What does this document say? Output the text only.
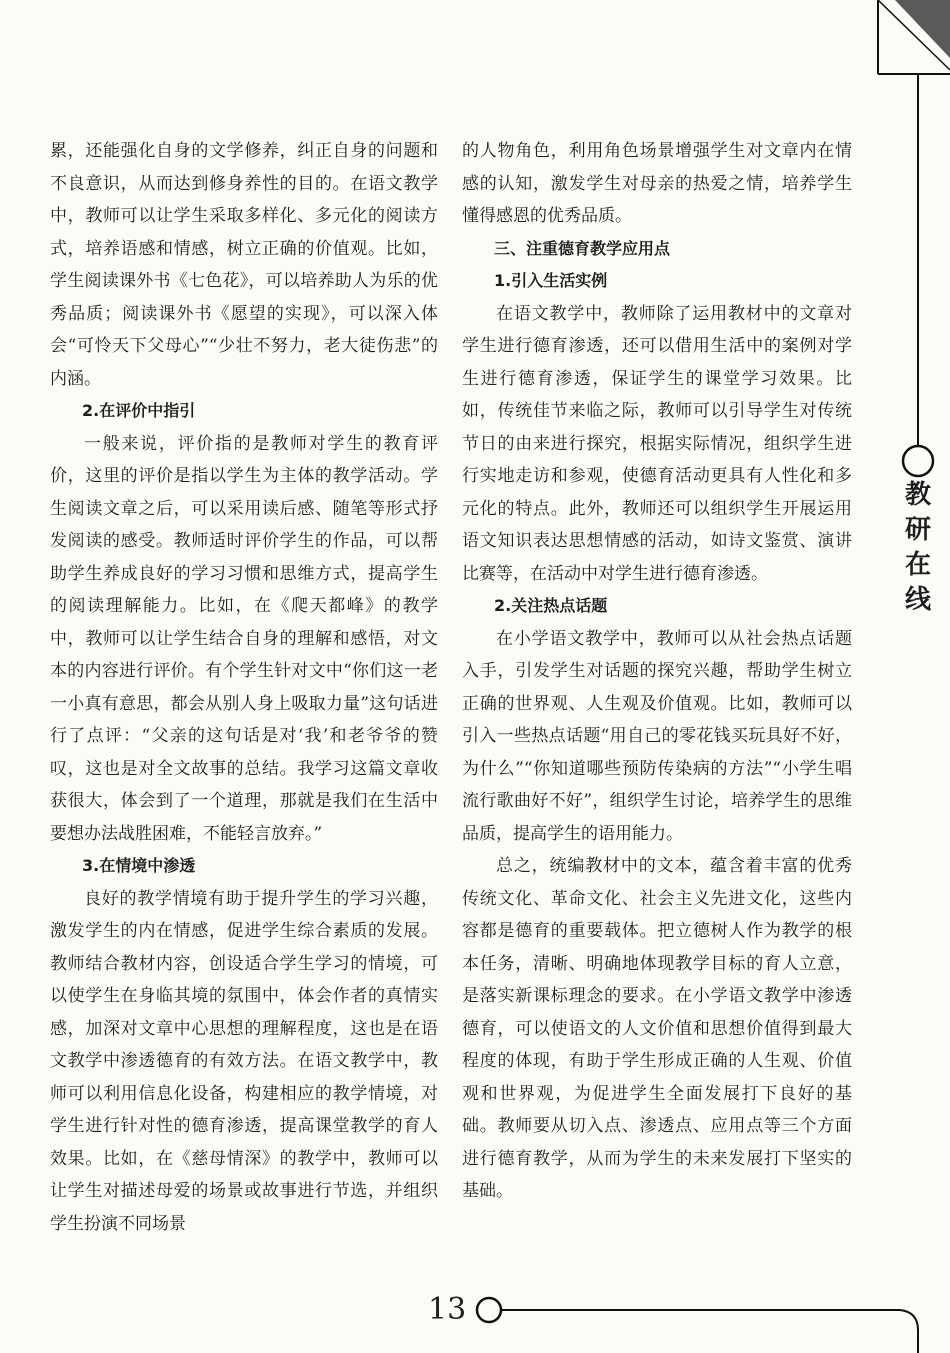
教
研
在
线

累，还能强化自身的文学修养，纠正自身的问题和不良意识，从而达到修身养性的目的。在语文教学中，教师可以让学生采取多样化、多元化的阅读方式，培养语感和情感，树立正确的价值观。比如，学生阅读课外书《七色花》，可以培养助人为乐的优秀品质；阅读课外书《愿望的实现》，可以深入体会“可怜天下父母心”“少壮不努力，老大徒伤悲”的内涵。

2.在评价中指引

一般来说，评价指的是教师对学生的教育评价，这里的评价是指以学生为主体的教学活动。学生阅读文章之后，可以采用读后感、随笔等形式抒发阅读的感受。教师适时评价学生的作品，可以帮助学生养成良好的学习习惯和思维方式，提高学生的阅读理解能力。比如，在《爬天都峰》的教学中，教师可以让学生结合自身的理解和感悟，对文本的内容进行评价。有个学生针对文中“你们这一老一小真有意思，都会从别人身上吸取力量”这句话进行了点评：“父亲的这句话是对‘我’和老爷爷的赞叹，这也是对全文故事的总结。我学习这篇文章收获很大，体会到了一个道理，那就是我们在生活中要想办法战胜困难，不能轻言放弃。”

3.在情境中渗透

良好的教学情境有助于提升学生的学习兴趣，激发学生的内在情感，促进学生综合素质的发展。教师结合教材内容，创设适合学生学习的情境，可以使学生在身临其境的氛围中，体会作者的真情实感，加深对文章中心思想的理解程度，这也是在语文教学中渗透德育的有效方法。在语文教学中，教师可以利用信息化设备，构建相应的教学情境，对学生进行针对性的德育渗透，提高课堂教学的育人效果。比如，在《慈母情深》的教学中，教师可以让学生对描述母爱的场景或故事进行节选，并组织学生扮演不同场景

的人物角色，利用角色场景增强学生对文章内在情感的认知，激发学生对母亲的热爱之情，培养学生懂得感恩的优秀品质。

三、注重德育教学应用点
1.引入生活实例

在语文教学中，教师除了运用教材中的文章对学生进行德育渗透，还可以借用生活中的案例对学生进行德育渗透，保证学生的课堂学习效果。比如，传统佳节来临之际，教师可以引导学生对传统节日的由来进行探究，根据实际情况，组织学生进行实地走访和参观，使德育活动更具有人性化和多元化的特点。此外，教师还可以组织学生开展运用语文知识表达思想情感的活动，如诗文鉴赏、演讲比赛等，在活动中对学生进行德育渗透。

2.关注热点话题

在小学语文教学中，教师可以从社会热点话题入手，引发学生对话题的探究兴趣，帮助学生树立正确的世界观、人生观及价值观。比如，教师可以引入一些热点话题“用自己的零花钱买玩具好不好，为什么”“你知道哪些预防传染病的方法”“小学生唱流行歌曲好不好”，组织学生讨论，培养学生的思维品质，提高学生的语用能力。

总之，统编教材中的文本，蕴含着丰富的优秀传统文化、革命文化、社会主义先进文化，这些内容都是德育的重要载体。把立德树人作为教学的根本任务，清晰、明确地体现教学目标的育人立意，是落实新课标理念的要求。在小学语文教学中渗透德育，可以使语文的人文价值和思想价值得到最大程度的体现，有助于学生形成正确的人生观、价值观和世界观，为促进学生全面发展打下良好的基础。教师要从切入点、渗透点、应用点等三个方面进行德育教学，从而为学生的未来发展打下坚实的基础。

13
